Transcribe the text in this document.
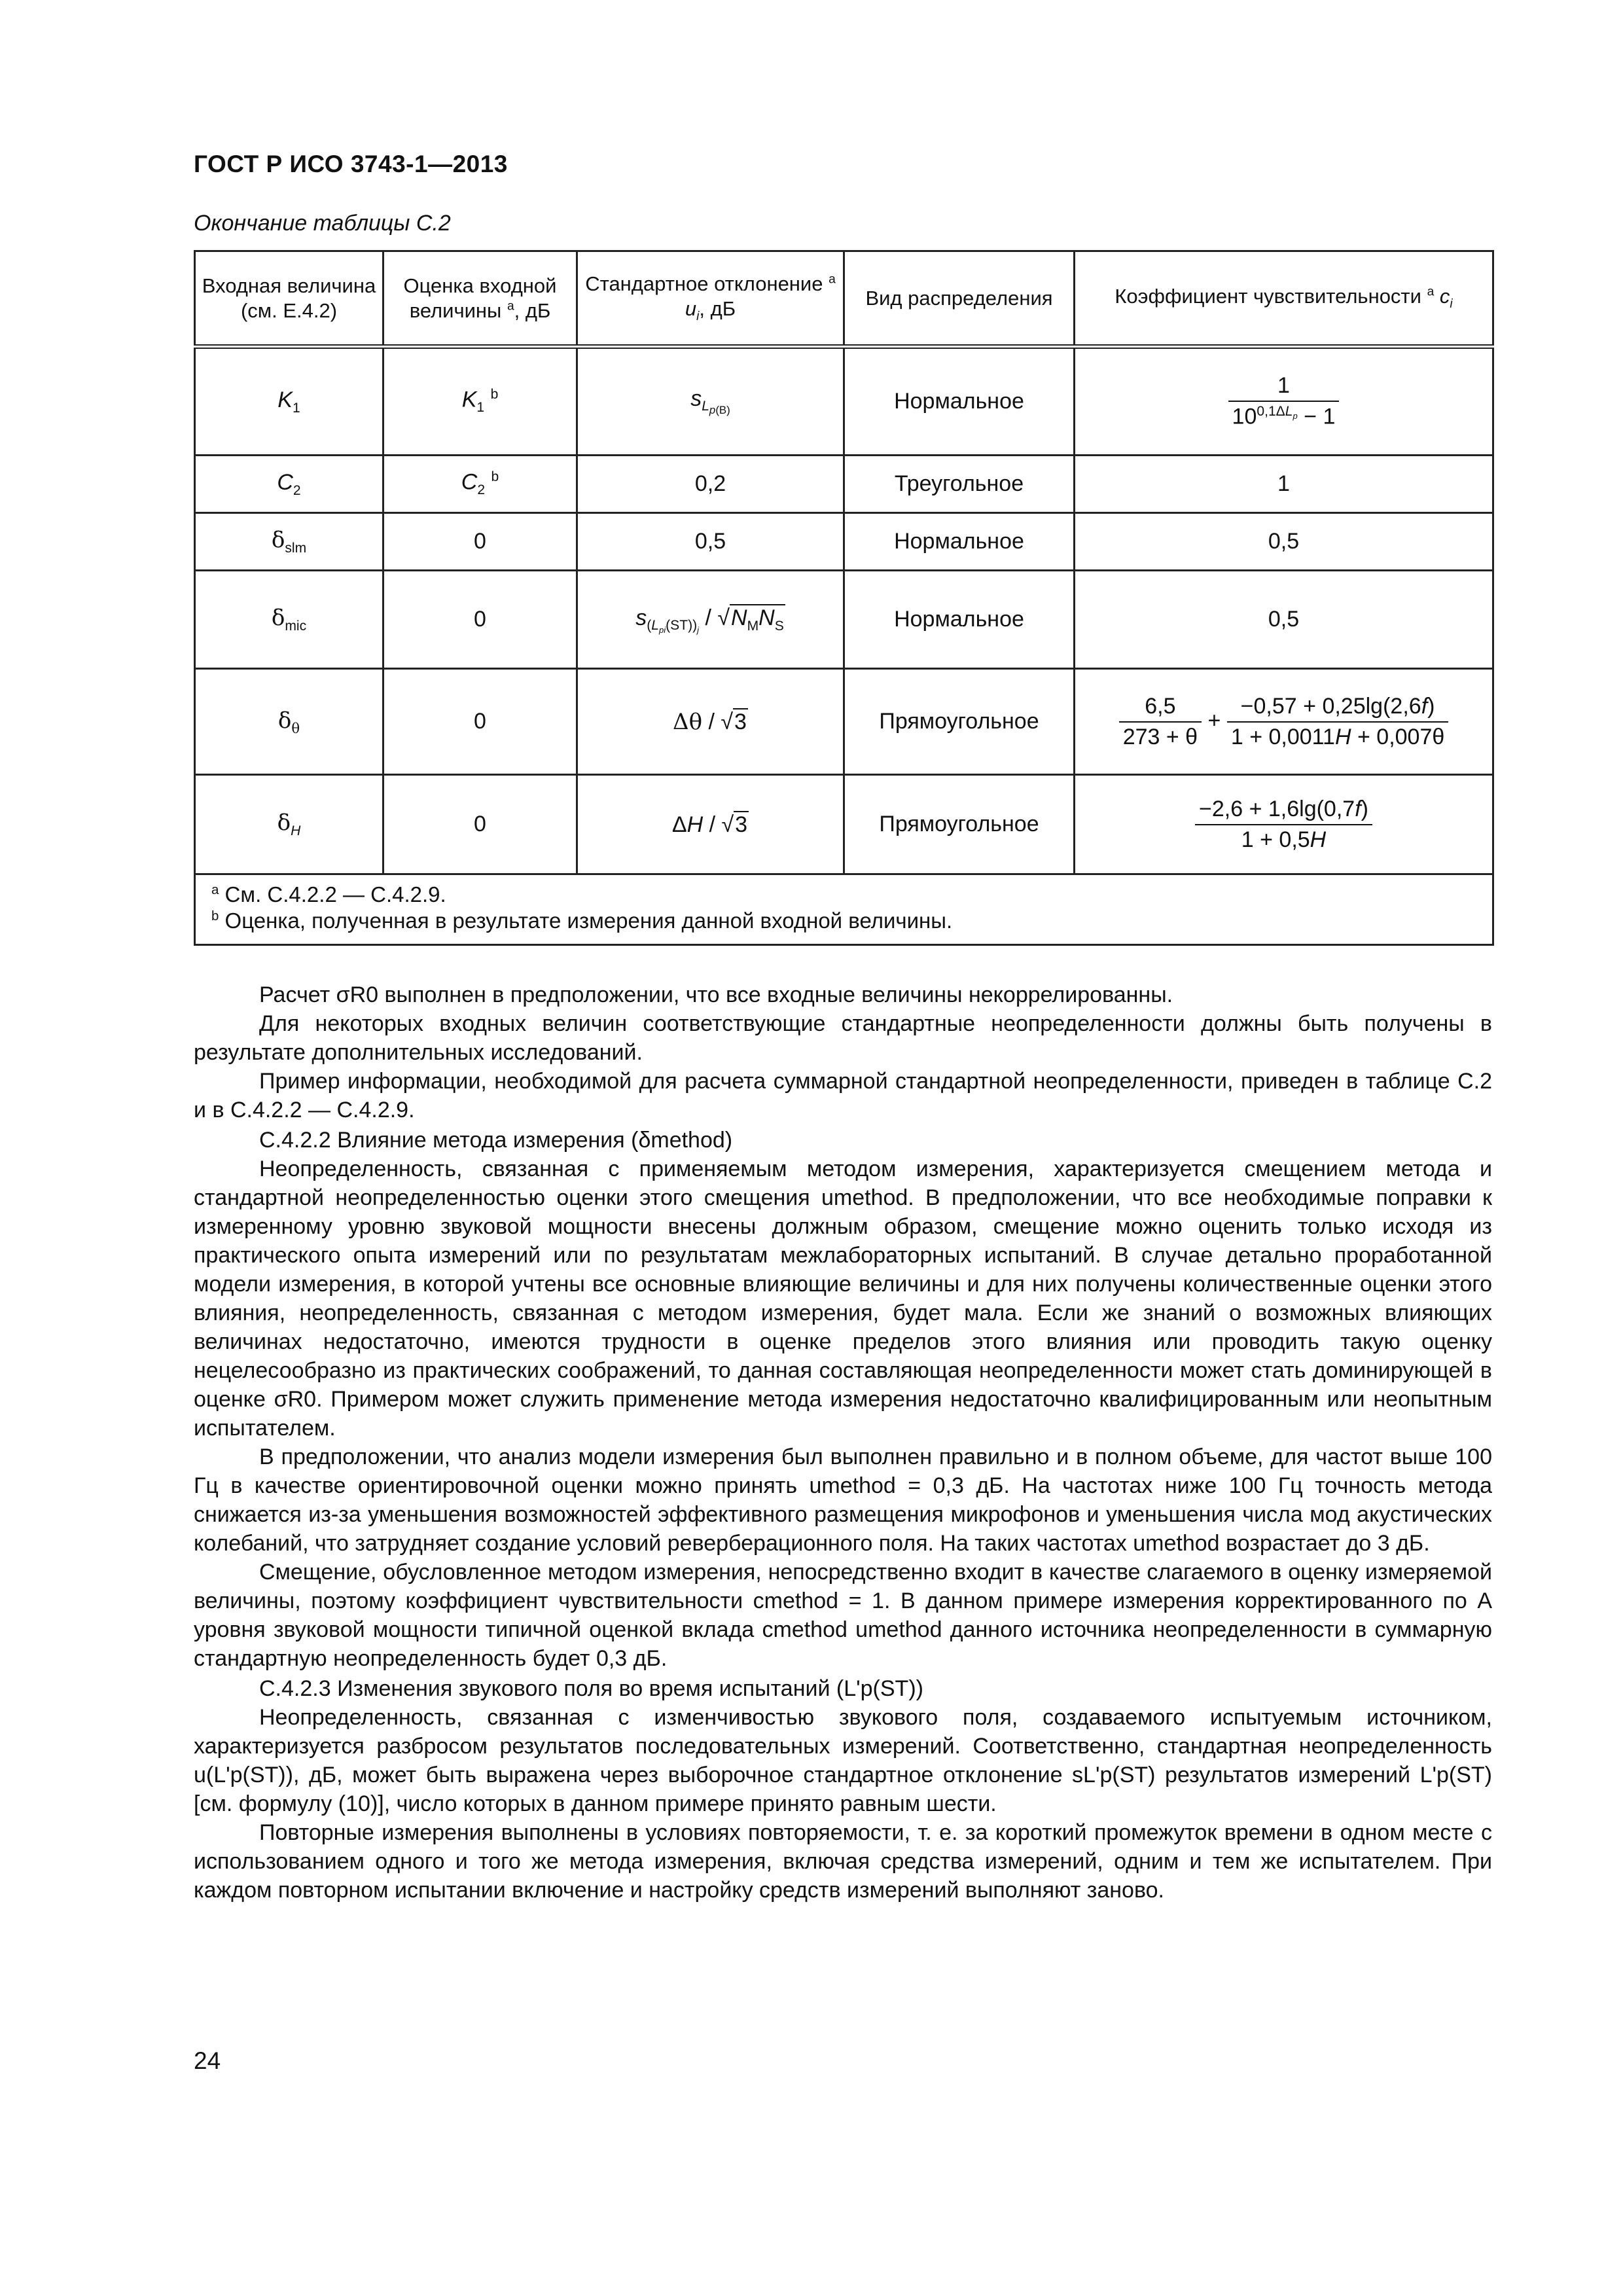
ГОСТ Р ИСО 3743-1—2013
Окончание таблицы С.2
Входная величина (см. Е.4.2)	Оценка входной величины $^a$, дБ	Стандартное отклонение $^a$ $u_i$, дБ	Вид распределения	Коэффициент чувствительности $^a$ $c_i$
$K_1$	$K_1$ $^b$	$s_{L_{p(B)}}$	Нормальное	$\frac{1}{10^{0,1\Delta L_p} - 1}$

$C_2$	$C_2$ $^b$	0,2	Треугольное	1
$\delta_{slm}$	0	0,5	Нормальное	0,5
$\delta_{mic}$	0	$s_{(L_{pi}(ST))_j} / √N_MN_S$	Нормальное	0,5
$\delta_\theta$	0	Δθ / √3	Прямоугольное	$\frac{6,5}{273 + \theta} + \frac{-0,57 + 0,25\lg(2,6f)}{1 + 0,0011H + 0,007\theta}$

$\delta_H$	0	ΔH / √3	Прямоугольное	$\frac{-2,6 + 1,6\lg(0,7f)}{1 + 0,5H}$

$^a$ См. С.4.2.2 — С.4.2.9.
$^b$ Оценка, полученная в результате измерения данной входной величины.				

Расчет σR0 выполнен в предположении, что все входные величины некоррелированны.

Для некоторых входных величин соответствующие стандартные неопределенности должны быть получены в результате дополнительных исследований.

Пример информации, необходимой для расчета суммарной стандартной неопределенности, приведен в таблице С.2 и в С.4.2.2 — С.4.2.9.

С.4.2.2 Влияние метода измерения (δmethod)

Неопределенность, связанная с применяемым методом измерения, характеризуется смещением метода и стандартной неопределенностью оценки этого смещения umethod. В предположении, что все необходимые поправки к измеренному уровню звуковой мощности внесены должным образом, смещение можно оценить только исходя из практического опыта измерений или по результатам межлабораторных испытаний. В случае детально проработанной модели измерения, в которой учтены все основные влияющие величины и для них получены количественные оценки этого влияния, неопределенность, связанная с методом измерения, будет мала. Если же знаний о возможных влияющих величинах недостаточно, имеются трудности в оценке пределов этого влияния или проводить такую оценку нецелесообразно из практических соображений, то данная составляющая неопределенности может стать доминирующей в оценке σR0. Примером может служить применение метода измерения недостаточно квалифицированным или неопытным испытателем.

В предположении, что анализ модели измерения был выполнен правильно и в полном объеме, для частот выше 100 Гц в качестве ориентировочной оценки можно принять umethod = 0,3 дБ. На частотах ниже 100 Гц точность метода снижается из-за уменьшения возможностей эффективного размещения микрофонов и уменьшения числа мод акустических колебаний, что затрудняет создание условий реверберационного поля. На таких частотах umethod возрастает до 3 дБ.

Смещение, обусловленное методом измерения, непосредственно входит в качестве слагаемого в оценку измеряемой величины, поэтому коэффициент чувствительности cmethod = 1. В данном примере измерения корректированного по А уровня звуковой мощности типичной оценкой вклада cmethod umethod данного источника неопределенности в суммарную стандартную неопределенность будет 0,3 дБ.

С.4.2.3 Изменения звукового поля во время испытаний (L'p(ST))

Неопределенность, связанная с изменчивостью звукового поля, создаваемого испытуемым источником, характеризуется разбросом результатов последовательных измерений. Соответственно, стандартная неопределенность u(L'p(ST)), дБ, может быть выражена через выборочное стандартное отклонение sL'p(ST) результатов измерений L'p(ST) [см. формулу (10)], число которых в данном примере принято равным шести.

Повторные измерения выполнены в условиях повторяемости, т. е. за короткий промежуток времени в одном месте с использованием одного и того же метода измерения, включая средства измерений, одним и тем же испытателем. При каждом повторном испытании включение и настройку средств измерений выполняют заново.

24
